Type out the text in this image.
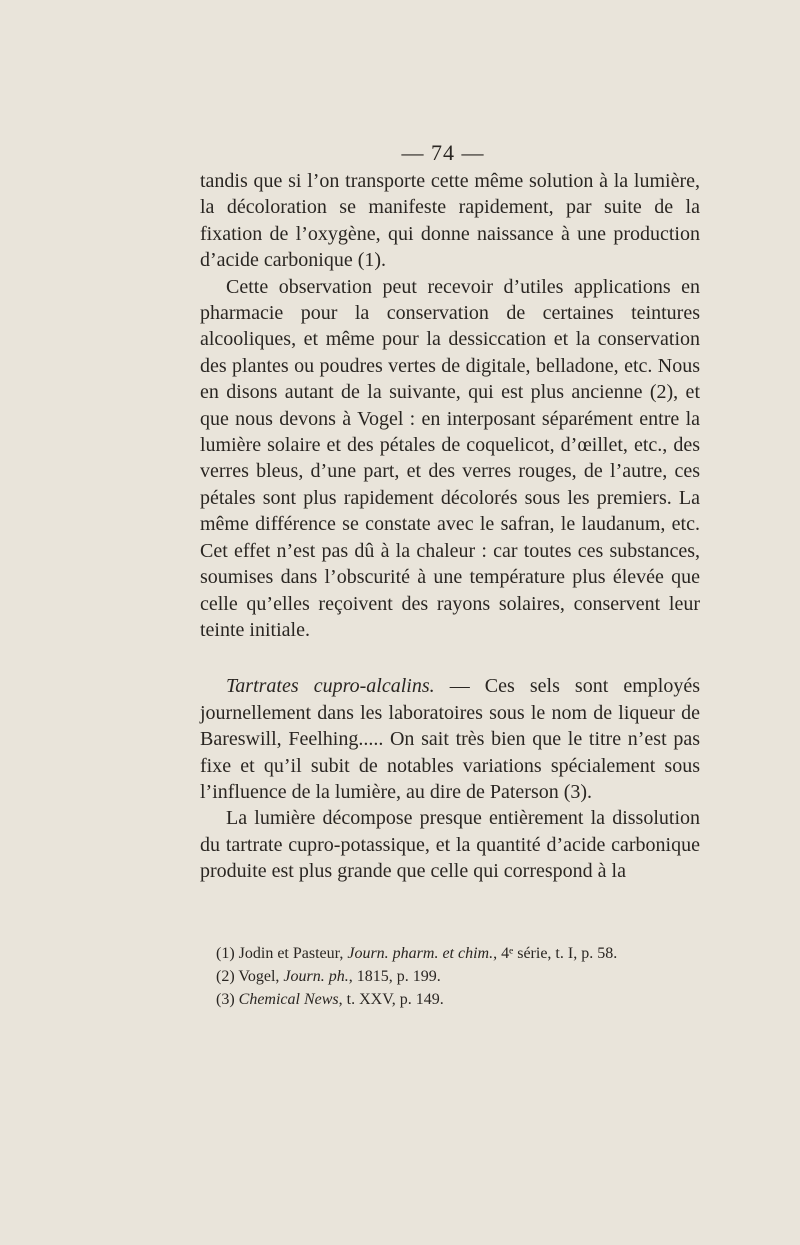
— 74 —

tandis que si l’on transporte cette même solution à la lumière, la décoloration se manifeste rapidement, par suite de la fixation de l’oxygène, qui donne naissance à une production d’acide carbonique (1).

Cette observation peut recevoir d’utiles applications en pharmacie pour la conservation de certaines teintures alcooliques, et même pour la dessiccation et la conservation des plantes ou poudres vertes de digitale, belladone, etc. Nous en disons autant de la suivante, qui est plus ancienne (2), et que nous devons à Vogel : en interposant séparément entre la lumière solaire et des pétales de coquelicot, d’œillet, etc., des verres bleus, d’une part, et des verres rouges, de l’autre, ces pétales sont plus rapidement décolorés sous les premiers. La même différence se constate avec le safran, le laudanum, etc. Cet effet n’est pas dû à la chaleur : car toutes ces substances, soumises dans l’obscurité à une température plus élevée que celle qu’elles reçoivent des rayons solaires, conservent leur teinte initiale.

Tartrates cupro-alcalins. — Ces sels sont employés journellement dans les laboratoires sous le nom de liqueur de Bareswill, Feelhing..... On sait très bien que le titre n’est pas fixe et qu’il subit de notables variations spécialement sous l’influence de la lumière, au dire de Paterson (3).

La lumière décompose presque entièrement la dissolution du tartrate cupro-potassique, et la quantité d’acide carbonique produite est plus grande que celle qui correspond à la

(1) Jodin et Pasteur, Journ. pharm. et chim., 4ᵉ série, t. I, p. 58.
(2) Vogel, Journ. ph., 1815, p. 199.
(3) Chemical News, t. XXV, p. 149.
